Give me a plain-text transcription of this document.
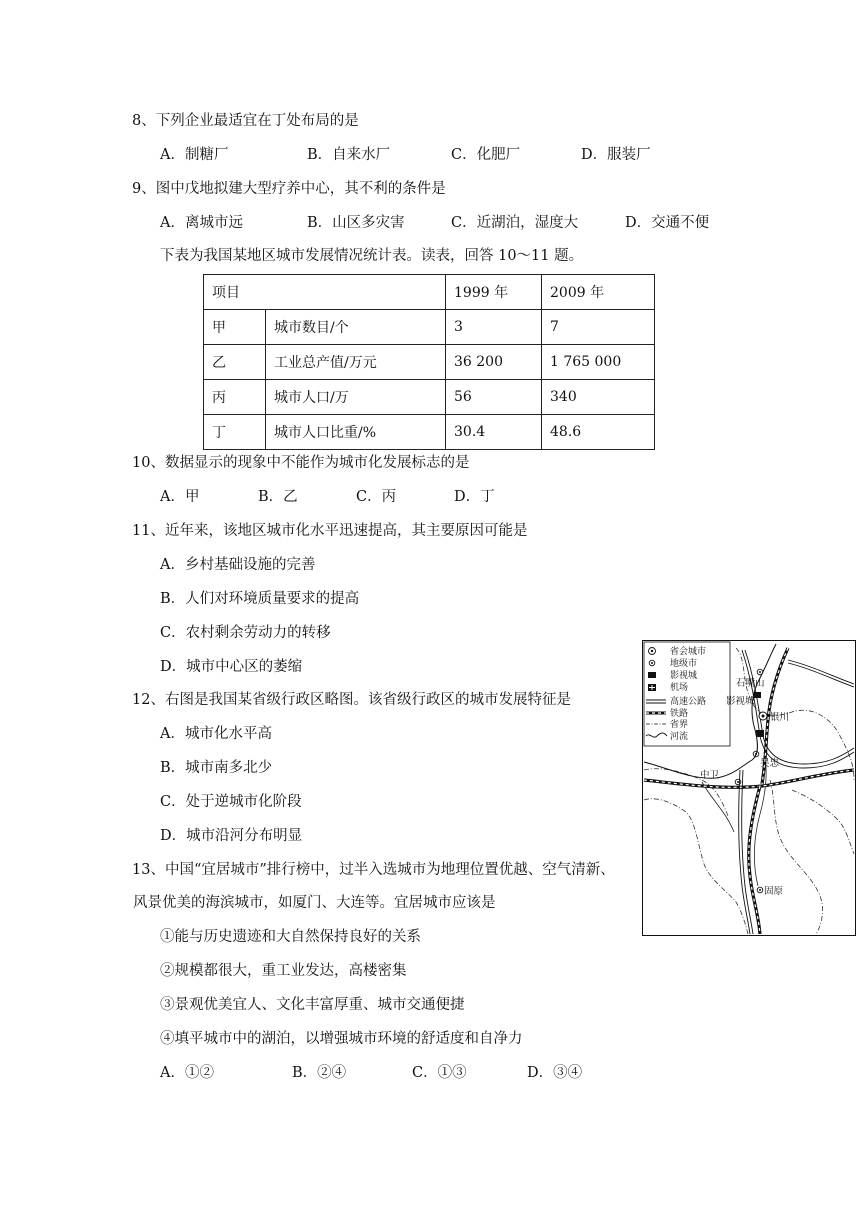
8、下列企业最适宜在丁处布局的是
A．制糖厂	B．自来水厂	C．化肥厂	D．服装厂
9、图中戊地拟建大型疗养中心，其不利的条件是
A．离城市远	B．山区多灾害	C．近湖泊，湿度大	D．交通不便
下表为我国某地区城市发展情况统计表。读表，回答 10～11 题。
项目		1999 年	2009 年
甲	城市数目/个	3	7
乙	工业总产值/万元	36 200	1 765 000
丙	城市人口/万	56	340
丁	城市人口比重/%	30.4	48.6
10、数据显示的现象中不能作为城市化发展标志的是
A．甲	B．乙	C．丙	D．丁
11、近年来，该地区城市化水平迅速提高，其主要原因可能是
A．乡村基础设施的完善
B．人们对环境质量要求的提高
C．农村剩余劳动力的转移
D．城市中心区的萎缩
12、右图是我国某省级行政区略图。该省级行政区的城市发展特征是
A．城市化水平高
B．城市南多北少
C．处于逆城市化阶段
D．城市沿河分布明显
13、中国“宜居城市”排行榜中，过半入选城市为地理位置优越、空气清新、
风景优美的海滨城市，如厦门、大连等。宜居城市应该是
①能与历史遗迹和大自然保持良好的关系
②规模都很大，重工业发达，高楼密集
③景观优美宜人、文化丰富厚重、城市交通便捷
④填平城市中的湖泊，以增强城市环境的舒适度和自净力
A．①②	B．②④	C．①③	D．③④
省会城市
地级市
影视城
机场
高速公路
铁路
省界
河流
石嘴山
影视城
银川
吴忠
中卫
固原
